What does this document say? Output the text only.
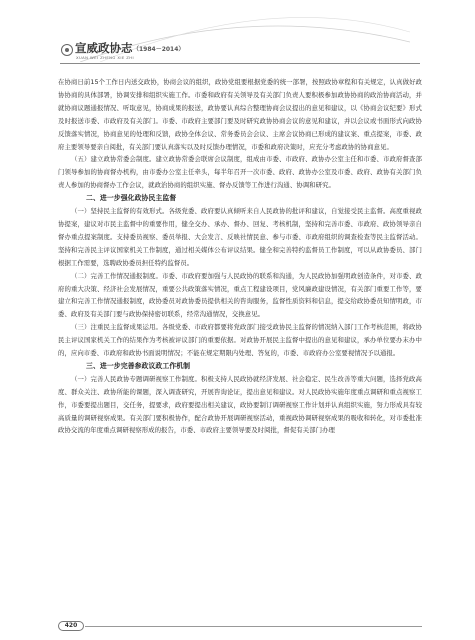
宣威政协志 （1984－2014）
XUAN WEI ZHENG XIE ZHI

在协商日前15个工作日内送交政协，协商会议的组织，政协党组要根据党委的统一部署，按照政协章程和有关规定，认真做好政协协商的具体部署，协调安排和组织实施工作。市委和政府有关领导及有关部门负责人要积极参加政协协商的政治协商活动，并就协商议题通报情况、听取意见，协商成果的报送，政协要认真综合整理协商会议提出的意见和建议，以《协商会议纪要》形式及时报送市委、市政府及有关部门。市委、市政府主要部门要及时研究政协协商会议的意见和建议，并以会议或书面形式向政协反馈落实情况，协商意见的处理和反馈，政协全体会议、常务委员会会议、主席会议协商已形成的建议案、重点提案，市委、政府主要领导要亲自阅批，有关部门要认真落实以及时反馈办理情况，市委和政府决策时，应充分考虑政协的协商意见。

（五）建立政协常委会制度。建立政协常委会联席会议制度，组成由市委、市政府、政协办公室主任和市委、市政府督查部门领导参加的协商督办机构，由市委办公室主任牵头，每半年召开一次市委、政府、政协办公室及市委、政府、政协有关部门负责人参加的协商督办工作会议，就政治协商的组织实施、督办反馈等工作进行沟通、协调和研究。

二、进一步强化政协民主监督

（一）坚持民主监督的有效形式。各级党委、政府要认真倾听来自人民政协的批评和建议，自觉接受民主监督。高度重视政协提案，建议对市民主监督中的重要作用，健全交办、承办、督办、回复、考核机制，坚持和完善市委、市政府、政协领导亲自督办重点提案制度。支持委员视察、委员举报、大会发言、反映社情民意、参与市委、市政府组织的调查检查等民主监督活动。坚持和完善民主评议国家机关工作制度，通过相关媒体公布评议结果。健全和完善特约监督员工作制度，可以从政协委员、部门根据工作需要，选聘政协委员担任特约监督员。

（二）完善工作情况通报制度。市委、市政府要加强与人民政协的联系和沟通，为人民政协加强明政创造条件，对市委、政府的重大决策、经济社会发展情况，重要公共政策落实情况，重点工程建设项目，党风廉政建设情况，有关部门重要工作等，要建立和完善工作情况通报制度，政协委员对政协委员提供相关的咨询服务，监督性质资料和信息，提交给政协委员知情明政，市委、政府及有关部门要与政协保持密切联系，经常沟通情况，交换意见。

（三）注重民主监督成果运用。各级党委、市政府都要将党政部门接受政协民主监督的情况纳入部门工作考核范围，将政协民主评议国家机关工作的结果作为考核被评议部门的重要依据。对政协开展民主监督中提出的意见和建议，承办单位要办末办中的，应向市委、市政府和政协书面说明情况；不能在规定期限内处理、答复的，市委、市政府办公室要视情况予以通报。

三、进一步完善参政议政工作机制

（一）完善人民政协专题调研视察工作制度。积极支持人民政协就经济发展、社会稳定、民生改善等重大问题，选择党政高度、群众关注、政协所能的课题，深入调查研究，开展咨询论证，提出意见和建议。对人民政协实施年度重点调研和重点视察工作，市委要提出题目，交任务，提要求，政府要提出相关建议，政协要制订调研视察工作计划并认真组织实施，努力形成具有较高质量的调研视察成果。有关部门要积极协作，配合政协开展调研视察活动，重视政协调研视察成果的吸收和转化，对市委批准政协交流的年度重点调研视察形成的报告，市委、市政府主要领导要及时阅批，督促有关部门办理

420
